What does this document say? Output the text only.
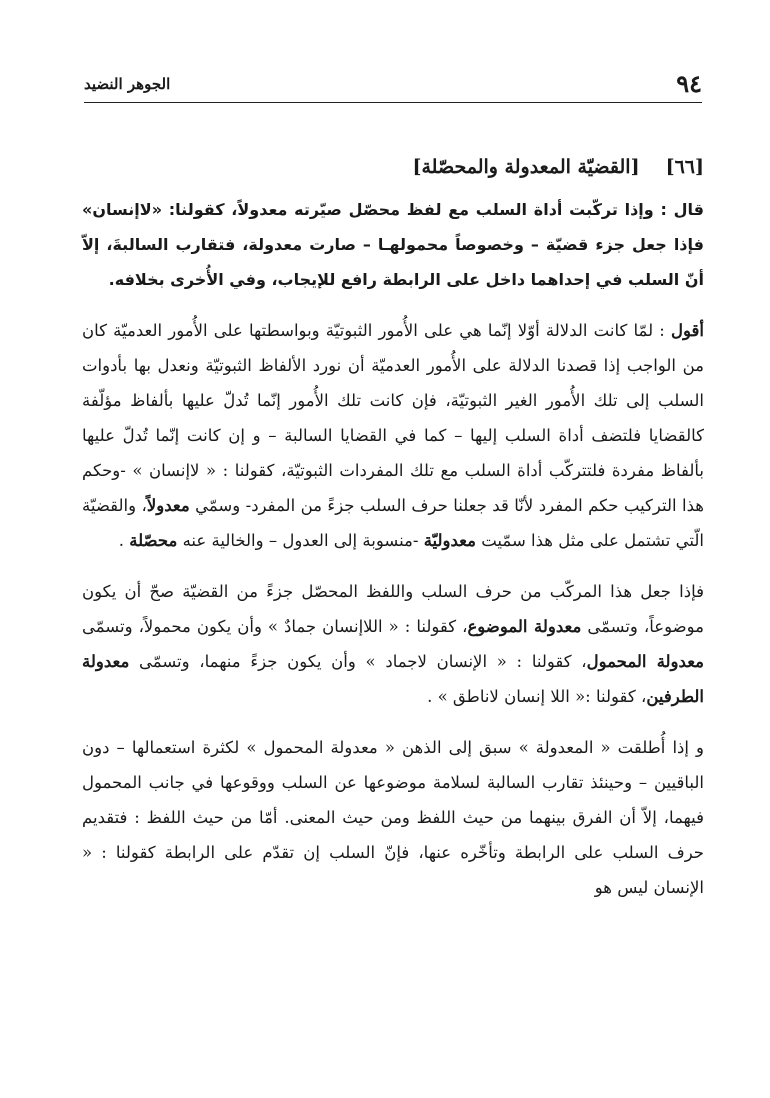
٩٤
الجوهر النضيد
[٦٦][القضيّة المعدولة والمحصّلة]

قال : وإذا تركّبت أداة السلب مع لفظ محصّل صيّرته معدولاً، كقولنا: «لاإنسان» فإذا جعل جزء قضيّة – وخصوصاً محمولهـا – صارت معدولة، فتقارب السالبةَ، إلاّ أنّ السلب في إحداهما داخل على الرابطة رافع للإيجاب، وفي الأُخرى بخلافه.

أقول : لمّا كانت الدلالة أوّلا إنّما هي على الأُمور الثبوتيّة وبواسطتها على الأُمور العدميّة كان من الواجب إذا قصدنا الدلالة على الأُمور العدميّة أن نورد الألفاظ الثبوتيّة ونعدل بها بأدوات السلب إلى تلك الأُمور الغير الثبوتيّة، فإن كانت تلك الأُمور إنّما تُدلّ عليها بألفاظ مؤلّفة كالقضايا فلتضف أداة السلب إليها – كما في القضايا السالبة – و إن كانت إنّما تُدلّ عليها بألفاظ مفردة فلتتركّب أداة السلب مع تلك المفردات الثبوتيّة، كقولنا : « لاإنسان » -وحكم هذا التركيب حكم المفرد لأنّا قد جعلنا حرف السلب جزءً من المفرد- وسمّي معدولاً، والقضيّة الّتي تشتمل على مثل هذا سمّيت معدوليّة -منسوبة إلى العدول – والخالية عنه محصّلة .

فإذا جعل هذا المركّب من حرف السلب واللفظ المحصّل جزءً من القضيّة صحّ أن يكون موضوعاً، وتسمّى معدولة الموضوع، كقولنا : « اللاإنسان جمادٌ » وأن يكون محمولاً، وتسمّى معدولة المحمول، كقولنا : « الإنسان لاجماد » وأن يكون جزءً منهما، وتسمّى معدولة الطرفين، كقولنا :« اللا إنسان لاناطق » .

و إذا أُطلقت « المعدولة » سبق إلى الذهن « معدولة المحمول » لكثرة استعمالها – دون الباقيين – وحينئذ تقارب السالبة لسلامة موضوعها عن السلب ووقوعها في جانب المحمول فيهما، إلاّ أن الفرق بينهما من حيث اللفظ ومن حيث المعنى. أمّا من حيث اللفظ : فتقديم حرف السلب على الرابطة وتأخّره عنها، فإنّ السلب إن تقدّم على الرابطة كقولنا : « الإنسان ليس هو
